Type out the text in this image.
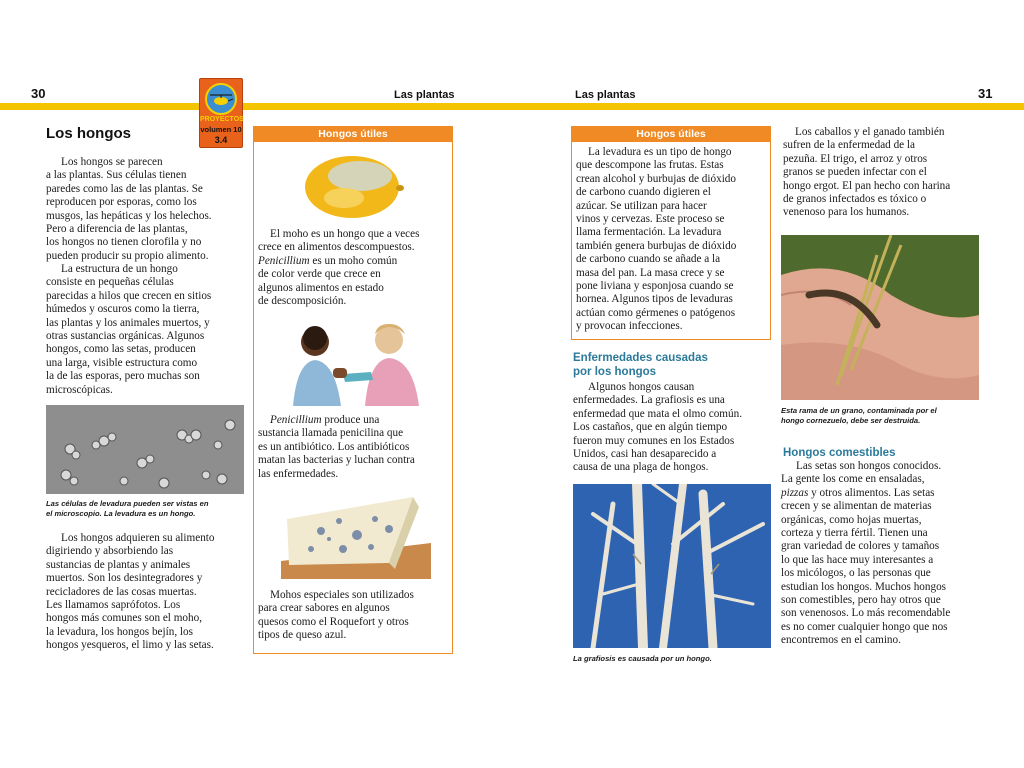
30	Las plantas	Las plantas	31
PROYECTOS
volumen 10
3.4
Los hongos
Los hongos se parecen
a las plantas. Sus células tienen
paredes como las de las plantas. Se
reproducen por esporas, como los
musgos, las hepáticas y los helechos.
Pero a diferencia de las plantas,
los hongos no tienen clorofila y no
pueden producir su propio alimento.
La estructura de un hongo
consiste en pequeñas células
parecidas a hilos que crecen en sitios
húmedos y oscuros como la tierra,
las plantas y los animales muertos, y
otras sustancias orgánicas. Algunos
hongos, como las setas, producen
una larga, visible estructura como
la de las esporas, pero muchas son
microscópicas.
Las células de levadura pueden ser vistas en
el microscopio. La levadura es un hongo.
Los hongos adquieren su alimento
digiriendo y absorbiendo las
sustancias de plantas y animales
muertos. Son los desintegradores y
recicladores de las cosas muertas.
Les llamamos saprófotos. Los
hongos más comunes son el moho,
la levadura, los hongos bejín, los
hongos yesqueros, el limo y las setas.
Hongos útiles
El moho es un hongo que a veces
crece en alimentos descompuestos.
Penicillium es un moho común
de color verde que crece en
algunos alimentos en estado
de descomposición.
Penicillium produce una
sustancia llamada penicilina que
es un antibiótico. Los antibióticos
matan las bacterias y luchan contra
las enfermedades.
Mohos especiales son utilizados
para crear sabores en algunos
quesos como el Roquefort y otros
tipos de queso azul.
Hongos útiles
La levadura es un tipo de hongo
que descompone las frutas. Estas
crean alcohol y burbujas de dióxido
de carbono cuando digieren el
azúcar. Se utilizan para hacer
vinos y cervezas. Este proceso se
llama fermentación. La levadura
también genera burbujas de dióxido
de carbono cuando se añade a la
masa del pan. La masa crece y se
pone liviana y esponjosa cuando se
hornea. Algunos tipos de levaduras
actúan como gérmenes o patógenos
y provocan infecciones.
Enfermedades causadas
por los hongos
Algunos hongos causan
enfermedades. La grafiosis es una
enfermedad que mata el olmo común.
Los castaños, que en algún tiempo
fueron muy comunes en los Estados
Unidos, casi han desaparecido a
causa de una plaga de hongos.
La grafiosis es causada por un hongo.
Los caballos y el ganado también
sufren de la enfermedad de la
pezuña. El trigo, el arroz y otros
granos se pueden infectar con el
hongo ergot. El pan hecho con harina
de granos infectados es tóxico o
venenoso para los humanos.
Esta rama de un grano, contaminada por el
hongo cornezuelo, debe ser destruida.
Hongos comestibles
Las setas son hongos conocidos.
La gente los come en ensaladas,
pizzas y otros alimentos. Las setas
crecen y se alimentan de materias
orgánicas, como hojas muertas,
corteza y tierra fértil. Tienen una
gran variedad de colores y tamaños
lo que las hace muy interesantes a
los micólogos, o las personas que
estudian los hongos. Muchos hongos
son comestibles, pero hay otros que
son venenosos. Lo más recomendable
es no comer cualquier hongo que nos
encontremos en el camino.
